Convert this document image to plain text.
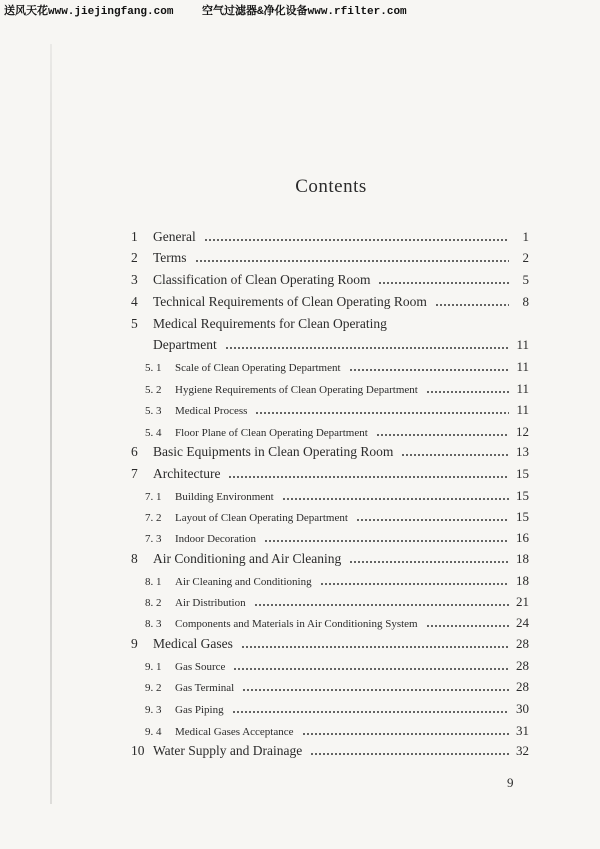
送风天花www.jiejingfang.com	空气过滤器&净化设备www.rfilter.com
Contents
1	General	1
2	Terms	2
3	Classification of Clean Operating Room	5
4	Technical Requirements of Clean Operating Room	8
5	Medical Requirements for Clean Operating
Department	11
5. 1	Scale of Clean Operating Department	11
5. 2	Hygiene Requirements of Clean Operating Department	11
5. 3	Medical Process	11
5. 4	Floor Plane of Clean Operating Department	12
6	Basic Equipments in Clean Operating Room	13
7	Architecture	15
7. 1	Building Environment	15
7. 2	Layout of Clean Operating Department	15
7. 3	Indoor Decoration	16
8	Air Conditioning and Air Cleaning	18
8. 1	Air Cleaning and Conditioning	18
8. 2	Air Distribution	21
8. 3	Components and Materials in Air Conditioning System	24
9	Medical Gases	28
9. 1	Gas Source	28
9. 2	Gas Terminal	28
9. 3	Gas Piping	30
9. 4	Medical Gases Acceptance	31
10 Water Supply and Drainage	32
9
